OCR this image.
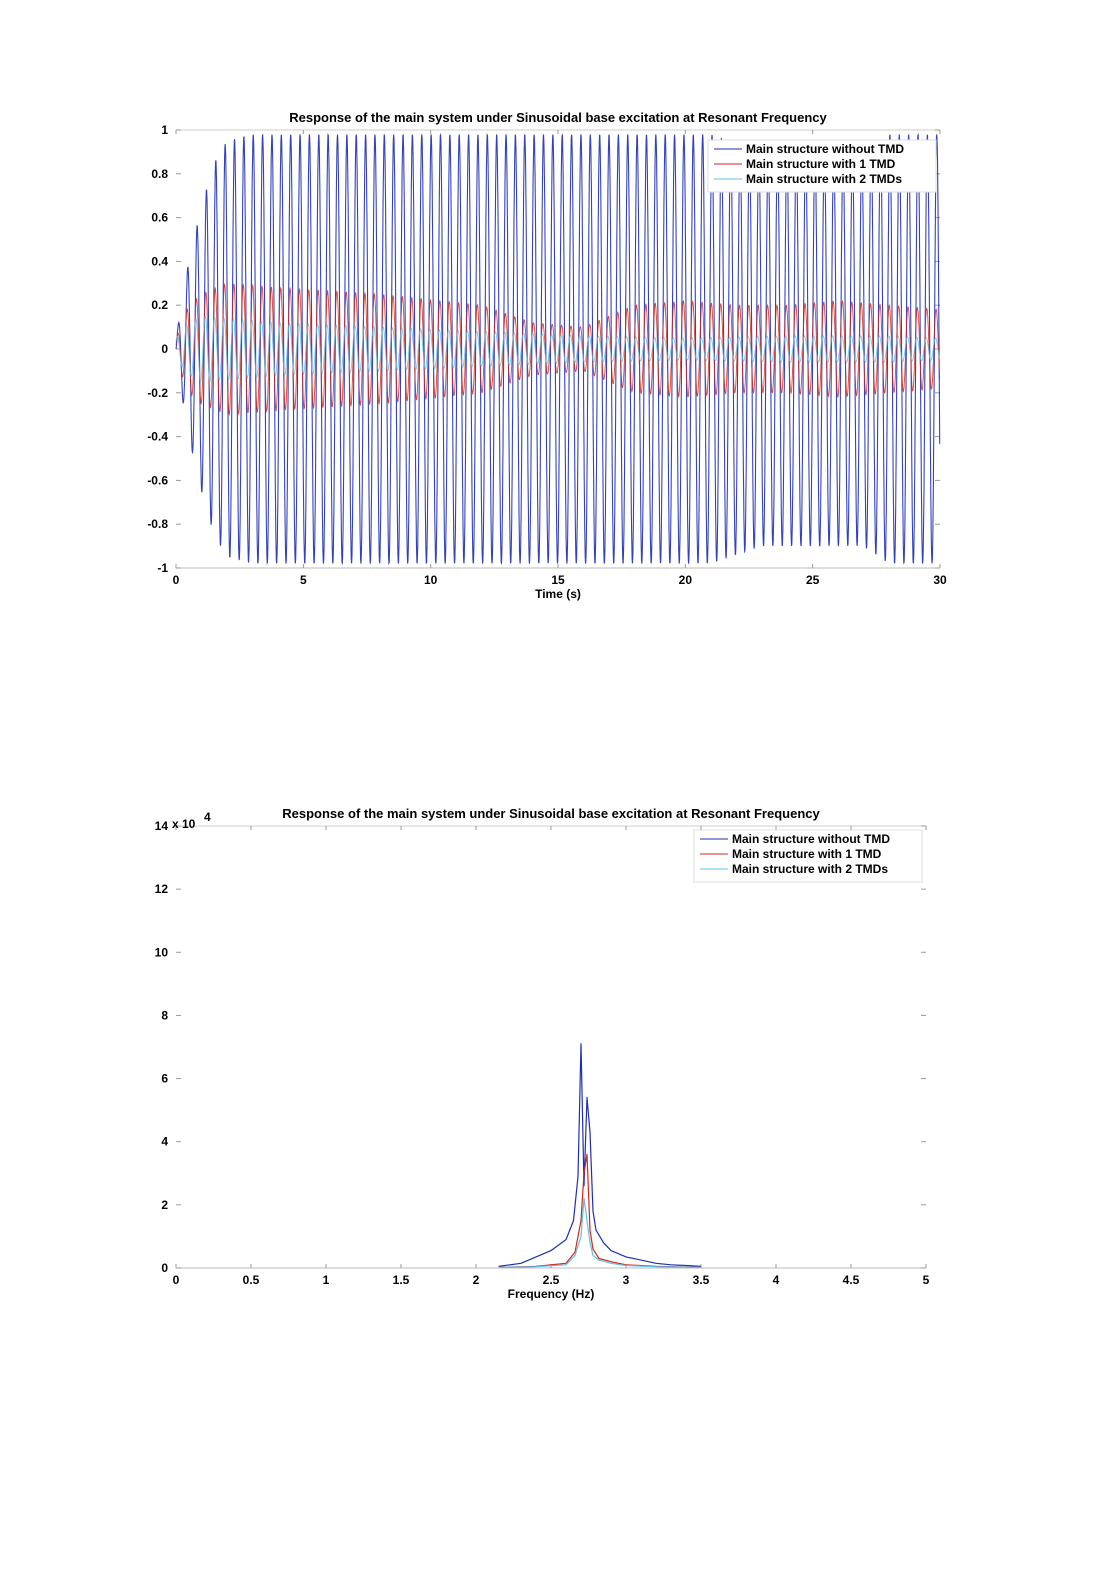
Response of the main system under Sinusoidal base excitation at Resonant Frequency
0	5	10	15	20	25	30
-1
-0.8
-0.6
-0.4
-0.2
0
0.2
0.4
0.6
0.8
1
Time (s)
Main structure without TMD
Main structure with 1 TMD
Main structure with 2 TMDs
Response of the main system under Sinusoidal base excitation at Resonant Frequency
0	0.5	1	1.5	2	2.5	3	3.5	4	4.5	5
0
2
4
6
8
10
12
14
Frequency (Hz)
x 10 4
Main structure without TMD
Main structure with 1 TMD
Main structure with 2 TMDs
